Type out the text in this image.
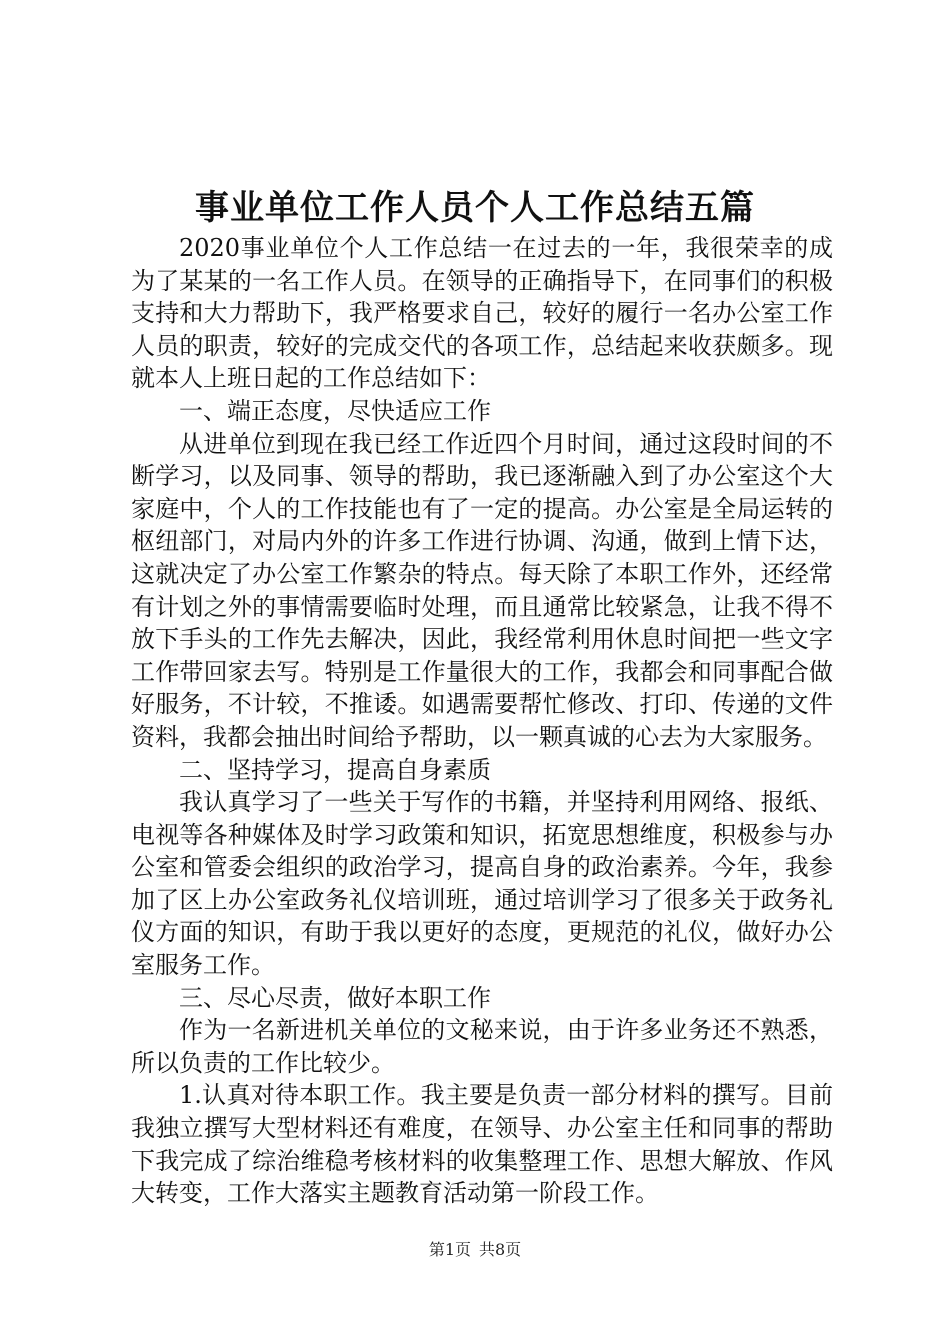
事业单位工作人员个人工作总结五篇

2020事业单位个人工作总结一在过去的一年，我很荣幸的成为了某某的一名工作人员。在领导的正确指导下，在同事们的积极支持和大力帮助下，我严格要求自己，较好的履行一名办公室工作人员的职责，较好的完成交代的各项工作，总结起来收获颇多。现就本人上班日起的工作总结如下：

一、端正态度，尽快适应工作

从进单位到现在我已经工作近四个月时间，通过这段时间的不断学习，以及同事、领导的帮助，我已逐渐融入到了办公室这个大家庭中，个人的工作技能也有了一定的提高。办公室是全局运转的枢纽部门，对局内外的许多工作进行协调、沟通，做到上情下达，这就决定了办公室工作繁杂的特点。每天除了本职工作外，还经常有计划之外的事情需要临时处理，而且通常比较紧急，让我不得不放下手头的工作先去解决，因此，我经常利用休息时间把一些文字工作带回家去写。特别是工作量很大的工作，我都会和同事配合做好服务，不计较，不推诿。如遇需要帮忙修改、打印、传递的文件资料，我都会抽出时间给予帮助，以一颗真诚的心去为大家服务。

二、坚持学习，提高自身素质

我认真学习了一些关于写作的书籍，并坚持利用网络、报纸、电视等各种媒体及时学习政策和知识，拓宽思想维度，积极参与办公室和管委会组织的政治学习，提高自身的政治素养。今年，我参加了区上办公室政务礼仪培训班，通过培训学习了很多关于政务礼仪方面的知识，有助于我以更好的态度，更规范的礼仪，做好办公室服务工作。

三、尽心尽责，做好本职工作

作为一名新进机关单位的文秘来说，由于许多业务还不熟悉，所以负责的工作比较少。

1.认真对待本职工作。我主要是负责一部分材料的撰写。目前我独立撰写大型材料还有难度，在领导、办公室主任和同事的帮助下我完成了综治维稳考核材料的收集整理工作、思想大解放、作风大转变，工作大落实主题教育活动第一阶段工作。

第1页 共8页
